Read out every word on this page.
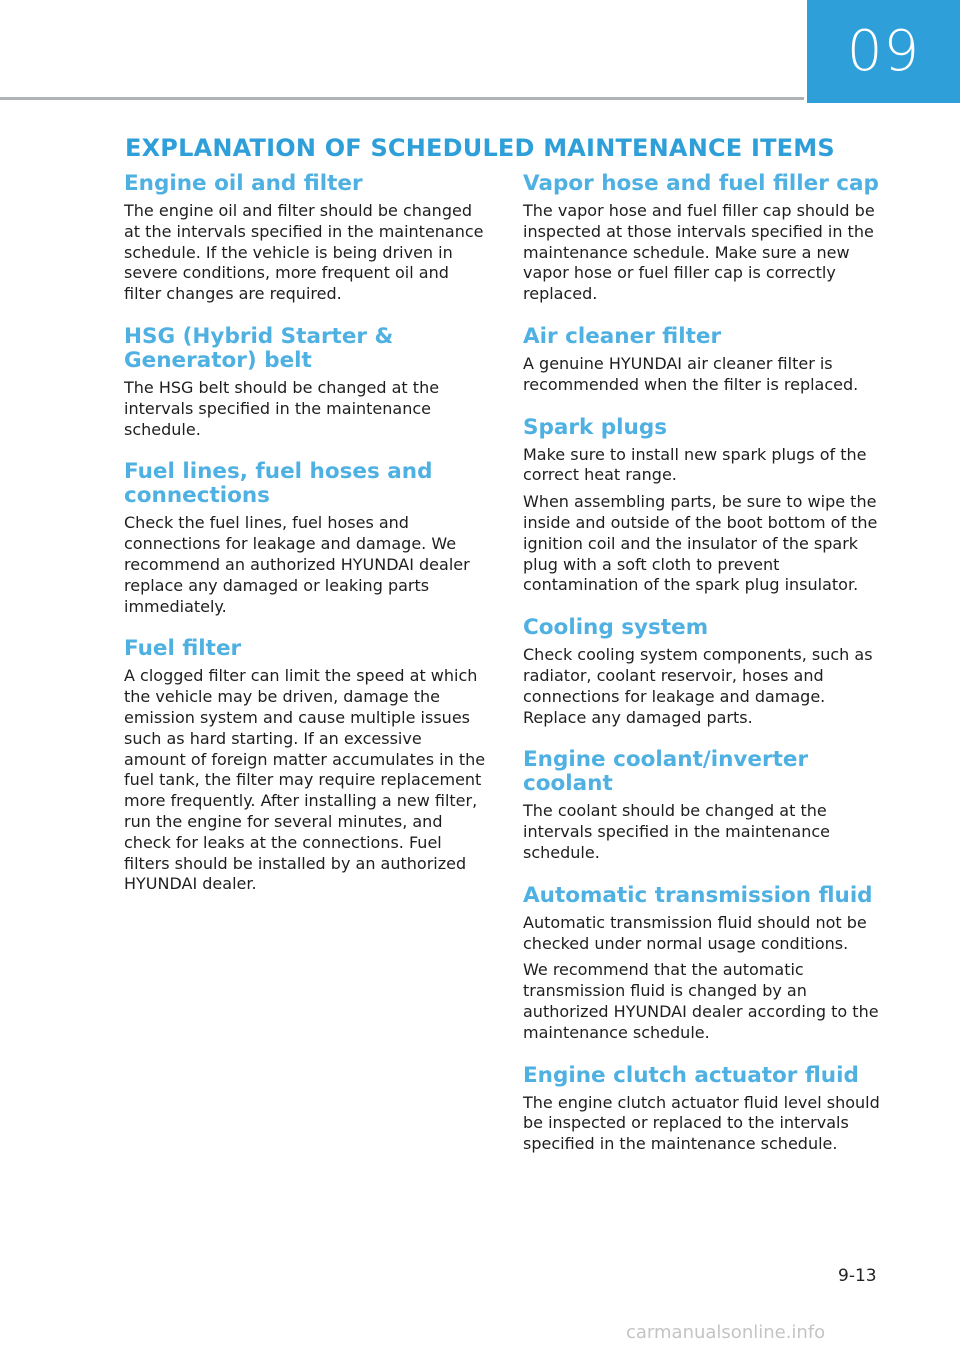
09
EXPLANATION OF SCHEDULED MAINTENANCE ITEMS
Engine oil and filter

The engine oil and filter should be changed at the intervals specified in the maintenance schedule. If the vehicle is being driven in severe conditions, more frequent oil and filter changes are required.

HSG (Hybrid Starter & Generator) belt

The HSG belt should be changed at the intervals specified in the maintenance schedule.

Fuel lines, fuel hoses and connections

Check the fuel lines, fuel hoses and connections for leakage and damage. We recommend an authorized HYUNDAI dealer replace any damaged or leaking parts immediately.

Fuel filter

A clogged filter can limit the speed at which the vehicle may be driven, damage the emission system and cause multiple issues such as hard starting. If an excessive amount of foreign matter accumulates in the fuel tank, the filter may require replacement more frequently. After installing a new filter, run the engine for several minutes, and check for leaks at the connections. Fuel filters should be installed by an authorized HYUNDAI dealer.

Vapor hose and fuel filler cap

The vapor hose and fuel filler cap should be inspected at those intervals specified in the maintenance schedule. Make sure a new vapor hose or fuel filler cap is correctly replaced.

Air cleaner filter

A genuine HYUNDAI air cleaner filter is recommended when the filter is replaced.

Spark plugs

Make sure to install new spark plugs of the correct heat range.

When assembling parts, be sure to wipe the inside and outside of the boot bottom of the ignition coil and the insulator of the spark plug with a soft cloth to prevent contamination of the spark plug insulator.

Cooling system

Check cooling system components, such as radiator, coolant reservoir, hoses and connections for leakage and damage. Replace any damaged parts.

Engine coolant/inverter coolant

The coolant should be changed at the intervals specified in the maintenance schedule.

Automatic transmission fluid

Automatic transmission fluid should not be checked under normal usage conditions.

We recommend that the automatic transmission fluid is changed by an authorized HYUNDAI dealer according to the maintenance schedule.

Engine clutch actuator fluid

The engine clutch actuator fluid level should be inspected or replaced to the intervals specified in the maintenance schedule.

9-13
carmanualsonline.info
